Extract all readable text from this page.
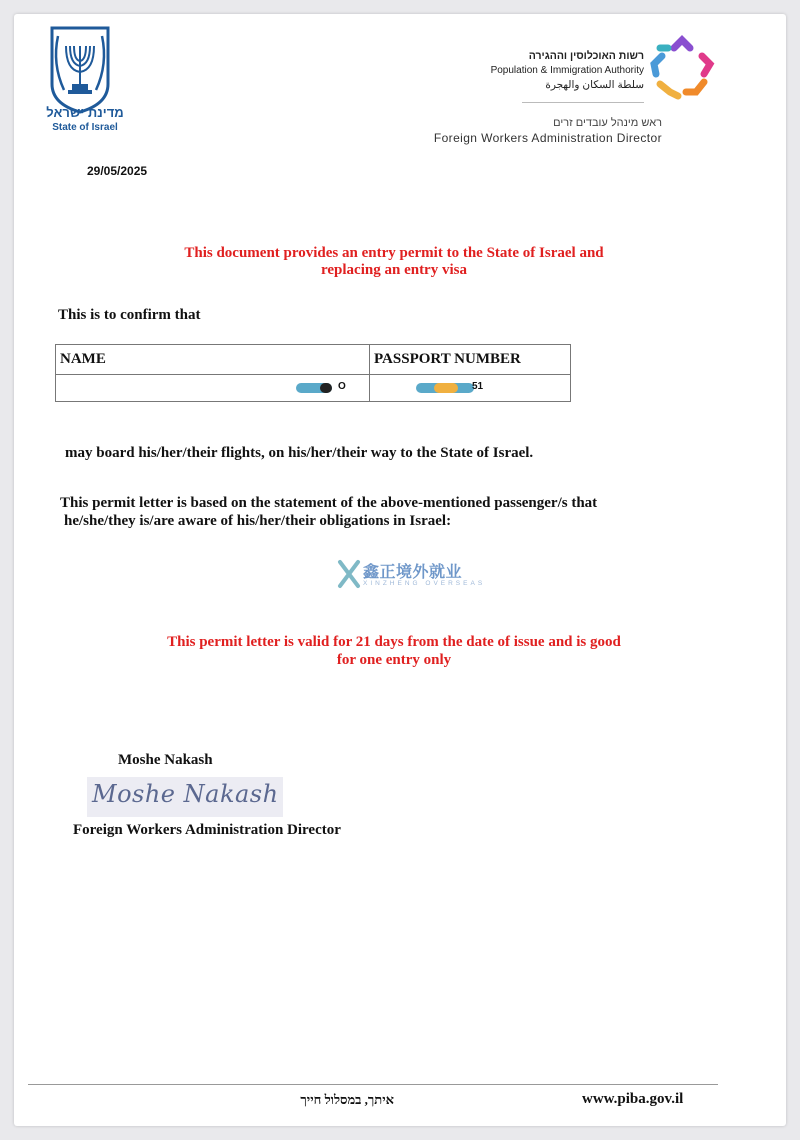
מדינת ישראל
State of Israel
רשות האוכלוסין וההגירה
Population & Immigration Authority
سلطة السكان والهجرة
ראש מינהל עובדים זרים
Foreign Workers Administration Director
29/05/2025
This document provides an entry permit to the State of Israel and
replacing an entry visa
This is to confirm that
NAME	PASSPORT NUMBER

O	51
may board his/her/their flights, on his/her/their way to the State of Israel.
This permit letter is based on the statement of the above-mentioned passenger/s that
he/she/they is/are aware of his/her/their obligations in Israel:
鑫正境外就业
XINZHENG OVERSEAS
This permit letter is valid for 21 days from the date of issue and is good
for one entry only
Moshe Nakash
Moshe Nakash
Foreign Workers Administration Director
איתך, במסלול חייך	www.piba.gov.il
